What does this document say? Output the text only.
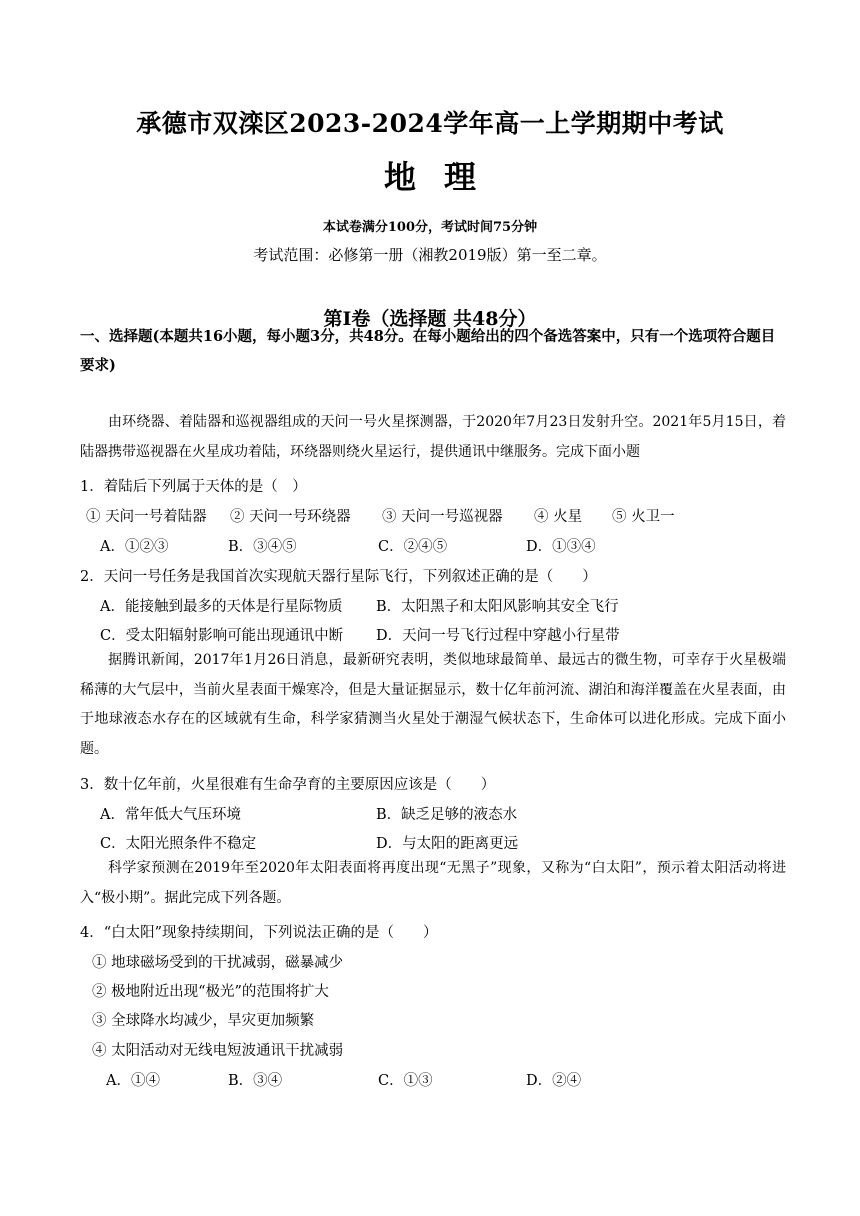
承德市双滦区2023-2024学年高一上学期期中考试
地理
本试卷满分100分，考试时间75分钟
考试范围：必修第一册（湘教2019版）第一至二章。
第Ⅰ卷（选择题 共48分）
一、选择题(本题共16小题，每小题3分，共48分。在每小题给出的四个备选答案中，只有一个选项符合题目要求)
由环绕器、着陆器和巡视器组成的天问一号火星探测器，于2020年7月23日发射升空。2021年5月15日，着陆器携带巡视器在火星成功着陆，环绕器则绕火星运行，提供通讯中继服务。完成下面小题
1．着陆后下列属于天体的是（　）
① 天问一号着陆器 ② 天问一号环绕器 ③ 天问一号巡视器 ④ 火星 ⑤ 火卫一
A．①②③	B．③④⑤	C．②④⑤	D．①③④
2．天问一号任务是我国首次实现航天器行星际飞行，下列叙述正确的是（　　）
A．能接触到最多的天体是行星际物质 B．太阳黑子和太阳风影响其安全飞行
C．受太阳辐射影响可能出现通讯中断 D．天问一号飞行过程中穿越小行星带
据腾讯新闻，2017年1月26日消息，最新研究表明，类似地球最简单、最远古的微生物，可幸存于火星极端稀薄的大气层中，当前火星表面干燥寒冷，但是大量证据显示，数十亿年前河流、湖泊和海洋覆盖在火星表面，由于地球液态水存在的区域就有生命，科学家猜测当火星处于潮湿气候状态下，生命体可以进化形成。完成下面小题。
3．数十亿年前，火星很难有生命孕育的主要原因应该是（　　）
A．常年低大气压环境	B．缺乏足够的液态水
C．太阳光照条件不稳定	D．与太阳的距离更远
科学家预测在2019年至2020年太阳表面将再度出现“无黑子”现象，又称为“白太阳”，预示着太阳活动将进入“极小期”。据此完成下列各题。
4．“白太阳”现象持续期间，下列说法正确的是（　　）
① 地球磁场受到的干扰减弱，磁暴减少
② 极地附近出现“极光”的范围将扩大
③ 全球降水均减少，旱灾更加频繁
④ 太阳活动对无线电短波通讯干扰减弱
A．①④	B．③④	C．①③	D．②④
